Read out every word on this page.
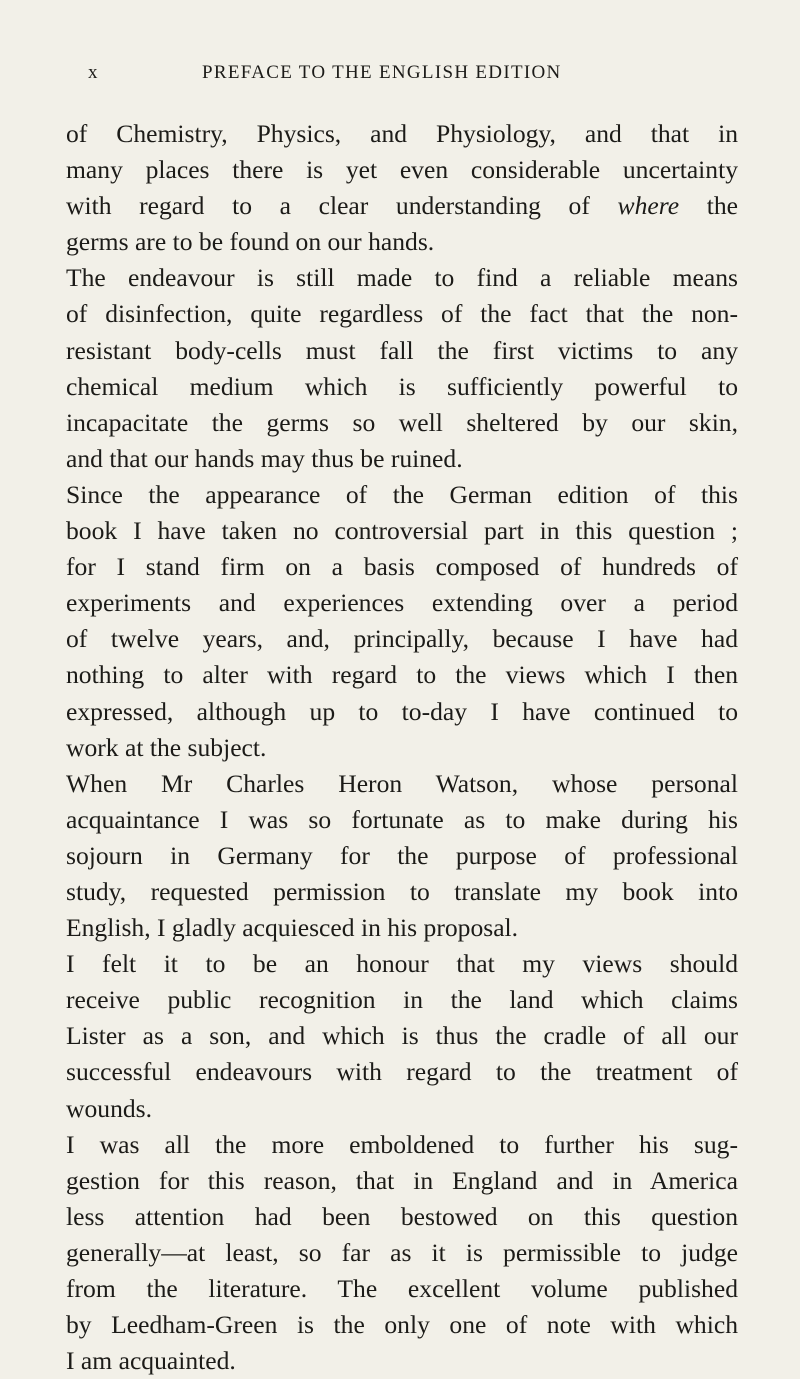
x	PREFACE TO THE ENGLISH EDITION
of Chemistry, Physics, and Physiology, and that in
many places there is yet even considerable uncertainty
with regard to a clear understanding of where the
germs are to be found on our hands.
The endeavour is still made to find a reliable means
of disinfection, quite regardless of the fact that the non-
resistant body-cells must fall the first victims to any
chemical medium which is sufficiently powerful to
incapacitate the germs so well sheltered by our skin,
and that our hands may thus be ruined.
Since the appearance of the German edition of this
book I have taken no controversial part in this question ;
for I stand firm on a basis composed of hundreds of
experiments and experiences extending over a period
of twelve years, and, principally, because I have had
nothing to alter with regard to the views which I then
expressed, although up to to-day I have continued to
work at the subject.
When Mr Charles Heron Watson, whose personal
acquaintance I was so fortunate as to make during his
sojourn in Germany for the purpose of professional
study, requested permission to translate my book into
English, I gladly acquiesced in his proposal.
I felt it to be an honour that my views should
receive public recognition in the land which claims
Lister as a son, and which is thus the cradle of all our
successful endeavours with regard to the treatment of
wounds.
I was all the more emboldened to further his sug-
gestion for this reason, that in England and in America
less attention had been bestowed on this question
generally—at least, so far as it is permissible to judge
from the literature. The excellent volume published
by Leedham-Green is the only one of note with which
I am acquainted.
